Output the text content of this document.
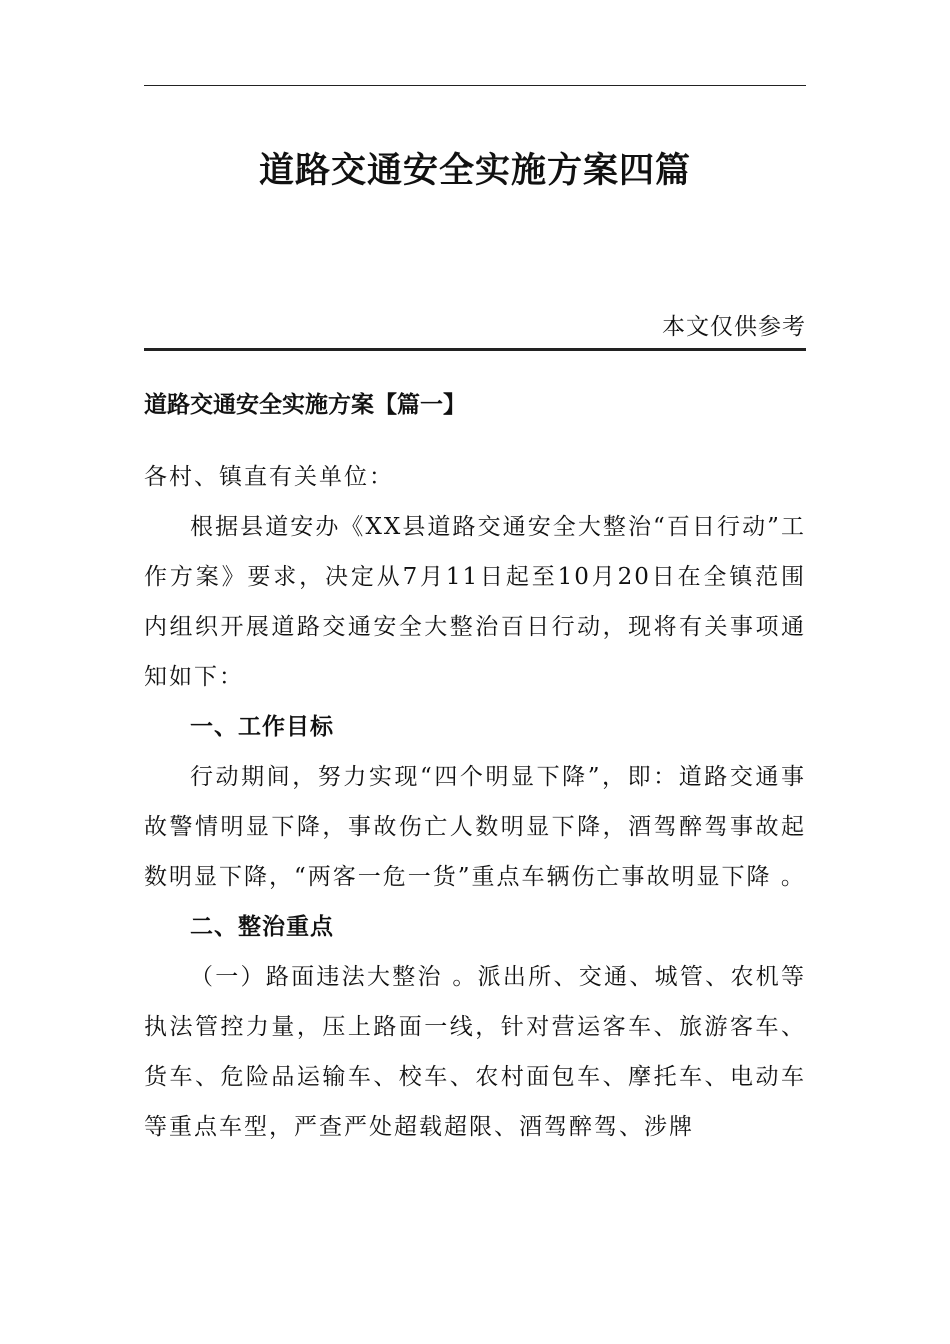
道路交通安全实施方案四篇
本文仅供参考
道路交通安全实施方案【篇一】

各村、镇直有关单位：

根据县道安办《XX县道路交通安全大整治“百日行动”工作方案》要求，决定从7月11日起至10月20日在全镇范围内组织开展道路交通安全大整治百日行动，现将有关事项通知如下：

一、工作目标

行动期间，努力实现“四个明显下降”，即：道路交通事故警情明显下降，事故伤亡人数明显下降，酒驾醉驾事故起数明显下降，“两客一危一货”重点车辆伤亡事故明显下降 。

二、整治重点

（一）路面违法大整治 。派出所、交通、城管、农机等执法管控力量，压上路面一线，针对营运客车、旅游客车、货车、危险品运输车、校车、农村面包车、摩托车、电动车等重点车型，严查严处超载超限、酒驾醉驾、涉牌
